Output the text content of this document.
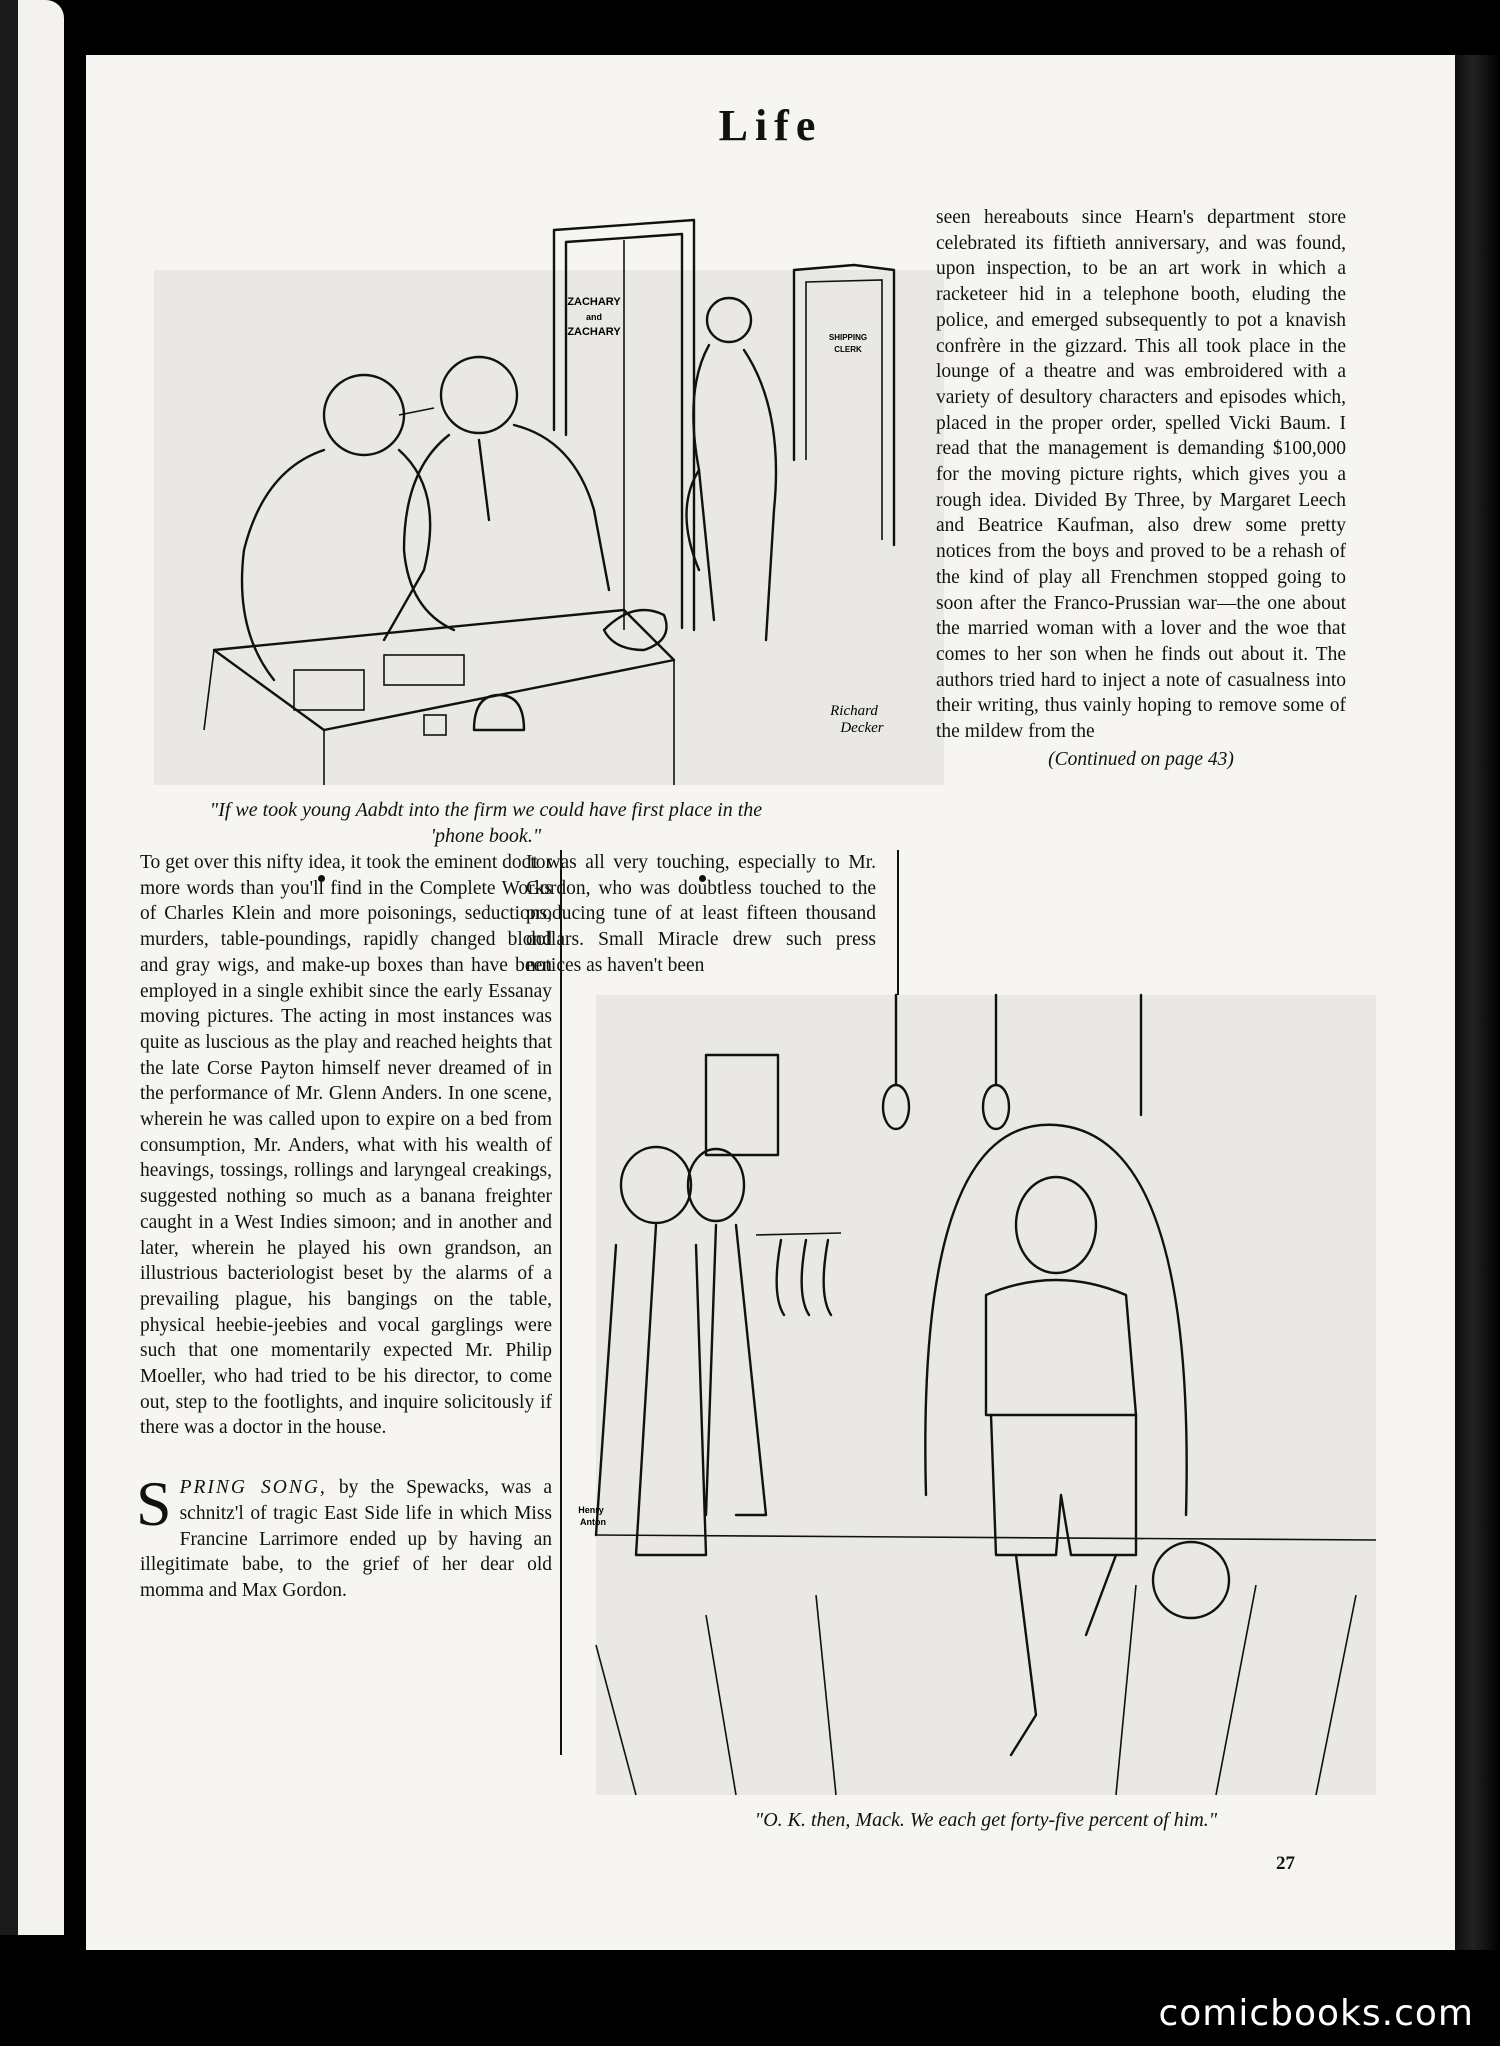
Life
ZACHARY
and
ZACHARY	SHIPPING
CLERK
Richard
Decker
"If we took young Aabdt into the firm we could have first place in the 'phone book."

seen hereabouts since Hearn's department store celebrated its fiftieth anniversary, and was found, upon inspection, to be an art work in which a racketeer hid in a telephone booth, eluding the police, and emerged subsequently to pot a knavish confrère in the gizzard. This all took place in the lounge of a theatre and was embroidered with a variety of desultory characters and episodes which, placed in the proper order, spelled Vicki Baum. I read that the management is demanding $100,000 for the moving picture rights, which gives you a rough idea. Divided By Three, by Margaret Leech and Beatrice Kaufman, also drew some pretty notices from the boys and proved to be a rehash of the kind of play all Frenchmen stopped going to soon after the Franco-Prussian war—the one about the married woman with a lover and the woe that comes to her son when he finds out about it. The authors tried hard to inject a note of casualness into their writing, thus vainly hoping to remove some of the mildew from the

(Continued on page 43)

To get over this nifty idea, it took the eminent doctor more words than you'll find in the Complete Works of Charles Klein and more poisonings, seductions, murders, table-poundings, rapidly changed blond and gray wigs, and make-up boxes than have been employed in a single exhibit since the early Essanay moving pictures. The acting in most instances was quite as luscious as the play and reached heights that the late Corse Payton himself never dreamed of in the performance of Mr. Glenn Anders. In one scene, wherein he was called upon to expire on a bed from consumption, Mr. Anders, what with his wealth of heavings, tossings, rollings and laryngeal creakings, suggested nothing so much as a banana freighter caught in a West Indies simoon; and in another and later, wherein he played his own grandson, an illustrious bacteriologist beset by the alarms of a prevailing plague, his bangings on the table, physical heebie-jeebies and vocal garglings were such that one momentarily expected Mr. Philip Moeller, who had tried to be his director, to come out, step to the footlights, and inquire solicitously if there was a doctor in the house.

SPRING SONG, by the Spewacks, was a schnitz'l of tragic East Side life in which Miss Francine Larrimore ended up by having an illegitimate babe, to the grief of her dear old momma and Max Gordon.

It was all very touching, especially to Mr. Gordon, who was doubtless touched to the producing tune of at least fifteen thousand dollars. Small Miracle drew such press notices as haven't been

Henry
Anton
"O. K. then, Mack. We each get forty-five percent of him."
27
comicbooks.com
